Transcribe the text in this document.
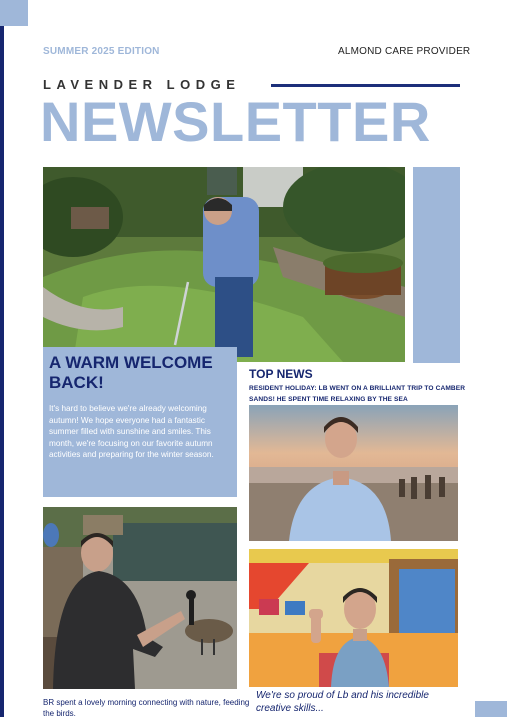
SUMMER 2025 EDITION	ALMOND CARE PROVIDER
LAVENDER LODGE
NEWSLETTER
A WARM WELCOME BACK!
It's hard to believe we're already welcoming autumn! We hope everyone had a fantastic summer filled with sunshine and smiles. This month, we're focusing on our favorite autumn activities and preparing for the winter season.
TOP NEWS
RESIDENT HOLIDAY: LB WENT ON A BRILLIANT TRIP TO CAMBER SANDS! HE SPENT TIME RELAXING BY THE SEA
BR spent a lovely morning connecting with nature, feeding the birds.
We're so proud of Lb and his incredible creative skills...
